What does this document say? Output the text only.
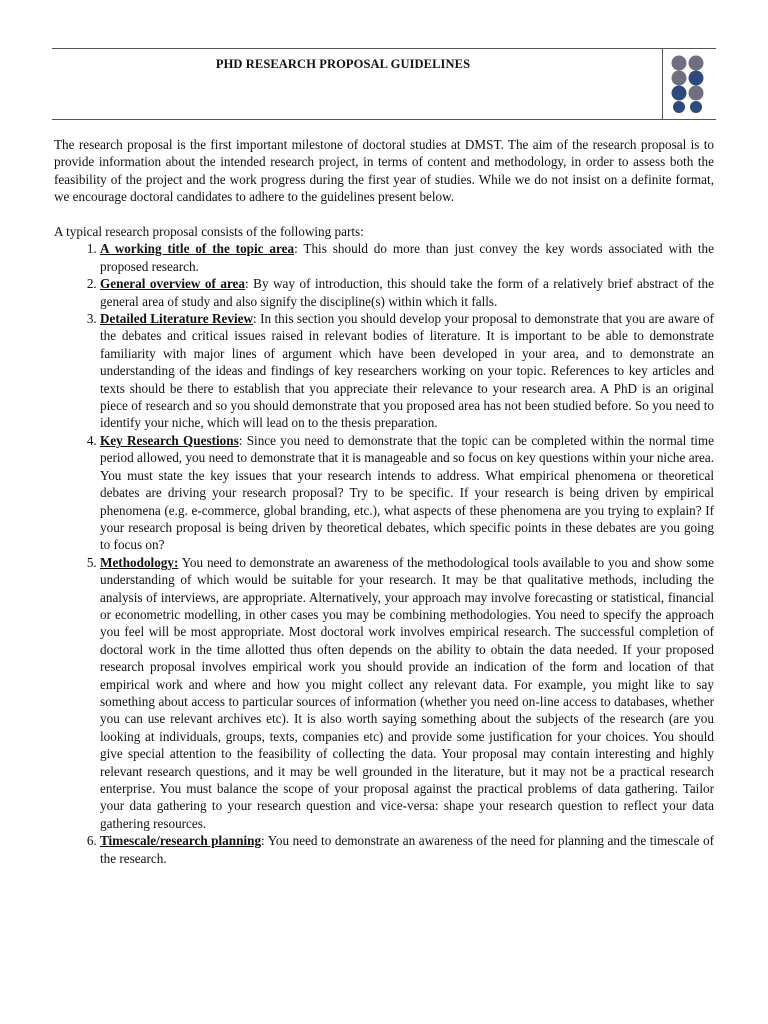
PHD RESEARCH PROPOSAL GUIDELINES

The research proposal is the first important milestone of doctoral studies at DMST. The aim of the research proposal is to provide information about the intended research project, in terms of content and methodology, in order to assess both the feasibility of the project and the work progress during the first year of studies. While we do not insist on a definite format, we encourage doctoral candidates to adhere to the guidelines present below.

A typical research proposal consists of the following parts:

1. A working title of the topic area: This should do more than just convey the key words associated with the proposed research.
2. General overview of area: By way of introduction, this should take the form of a relatively brief abstract of the general area of study and also signify the discipline(s) within which it falls.
3. Detailed Literature Review: In this section you should develop your proposal to demonstrate that you are aware of the debates and critical issues raised in relevant bodies of literature. It is important to be able to demonstrate familiarity with major lines of argument which have been developed in your area, and to demonstrate an understanding of the ideas and findings of key researchers working on your topic. References to key articles and texts should be there to establish that you appreciate their relevance to your research area. A PhD is an original piece of research and so you should demonstrate that you proposed area has not been studied before. So you need to identify your niche, which will lead on to the thesis preparation.
4. Key Research Questions: Since you need to demonstrate that the topic can be completed within the normal time period allowed, you need to demonstrate that it is manageable and so focus on key questions within your niche area. You must state the key issues that your research intends to address. What empirical phenomena or theoretical debates are driving your research proposal? Try to be specific. If your research is being driven by empirical phenomena (e.g. e-commerce, global branding, etc.), what aspects of these phenomena are you trying to explain? If your research proposal is being driven by theoretical debates, which specific points in these debates are you going to focus on?
5. Methodology: You need to demonstrate an awareness of the methodological tools available to you and show some understanding of which would be suitable for your research. It may be that qualitative methods, including the analysis of interviews, are appropriate. Alternatively, your approach may involve forecasting or statistical, financial or econometric modelling, in other cases you may be combining methodologies. You need to specify the approach you feel will be most appropriate. Most doctoral work involves empirical research. The successful completion of doctoral work in the time allotted thus often depends on the ability to obtain the data needed. If your proposed research proposal involves empirical work you should provide an indication of the form and location of that empirical work and where and how you might collect any relevant data. For example, you might like to say something about access to particular sources of information (whether you need on-line access to databases, whether you can use relevant archives etc). It is also worth saying something about the subjects of the research (are you looking at individuals, groups, texts, companies etc) and provide some justification for your choices. You should give special attention to the feasibility of collecting the data. Your proposal may contain interesting and highly relevant research questions, and it may be well grounded in the literature, but it may not be a practical research enterprise. You must balance the scope of your proposal against the practical problems of data gathering. Tailor your data gathering to your research question and vice-versa: shape your research question to reflect your data gathering resources.
6. Timescale/research planning: You need to demonstrate an awareness of the need for planning and the timescale of the research.
